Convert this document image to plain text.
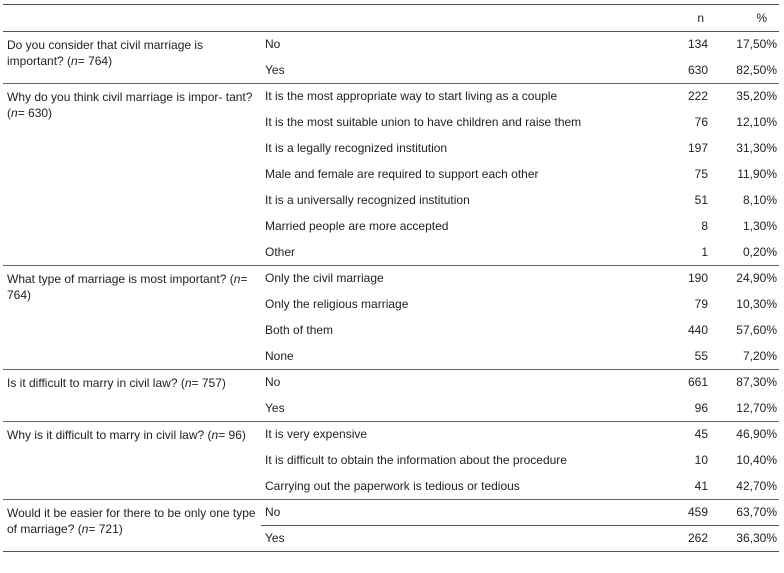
		n	%
Do you consider that civil marriage is important? (n= 764)	No	134	17,50%
	Yes	630	82,50%
Why do you think civil marriage is impor- tant? (n= 630)	It is the most appropriate way to start living as a couple	222	35,20%
	It is the most suitable union to have children and raise them	76	12,10%
	It is a legally recognized institution	197	31,30%
	Male and female are required to support each other	75	11,90%
	It is a universally recognized institution	51	8,10%
	Married people are more accepted	8	1,30%
	Other	1	0,20%
What type of marriage is most important? (n= 764)	Only the civil marriage	190	24,90%
	Only the religious marriage	79	10,30%
	Both of them	440	57,60%
	None	55	7,20%
Is it difficult to marry in civil law? (n= 757)	No	661	87,30%
	Yes	96	12,70%
Why is it difficult to marry in civil law? (n= 96)	It is very expensive	45	46,90%
	It is difficult to obtain the information about the procedure	10	10,40%
	Carrying out the paperwork is tedious or tedious	41	42,70%
Would it be easier for there to be only one type of marriage? (n= 721)	No	459	63,70%
	Yes	262	36,30%
